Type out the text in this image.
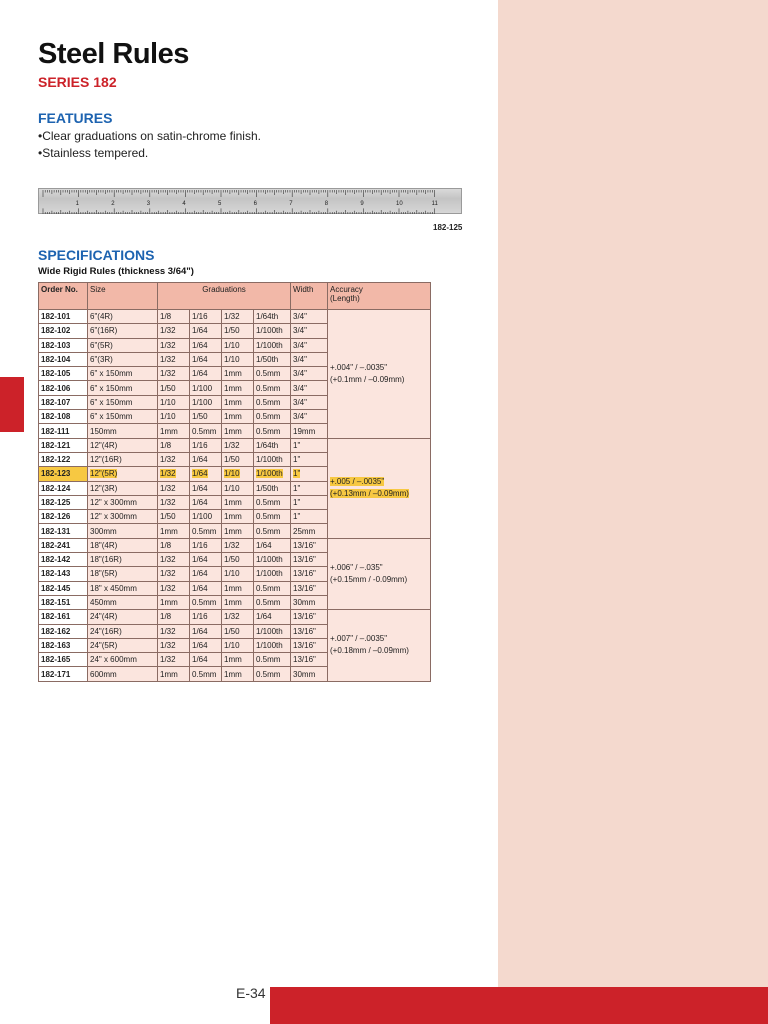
Steel Rules
SERIES 182
FEATURES
• Clear graduations on satin-chrome finish.
• Stainless tempered.
1	2	3	4	5	6	7	8	9	10	11
182-125
SPECIFICATIONS
Wide Rigid Rules (thickness 3/64")
Order No.	Size	Graduations				Width	Accuracy
(Length)
182-101	6"(4R)	1/8	1/16	1/32	1/64th	3/4"	+.004" / –.0035"
(+0.1mm / –0.09mm)
182-102	6"(16R)	1/32	1/64	1/50	1/100th	3/4"	
182-103	6"(5R)	1/32	1/64	1/10	1/100th	3/4"	
182-104	6"(3R)	1/32	1/64	1/10	1/50th	3/4"	
182-105	6" x 150mm	1/32	1/64	1mm	0.5mm	3/4"	
182-106	6" x 150mm	1/50	1/100	1mm	0.5mm	3/4"	
182-107	6" x 150mm	1/10	1/100	1mm	0.5mm	3/4"	
182-108	6" x 150mm	1/10	1/50	1mm	0.5mm	3/4"	
182-111	150mm	1mm	0.5mm	1mm	0.5mm	19mm	
182-121	12"(4R)	1/8	1/16	1/32	1/64th	1"	+.005 / –.0035"
(+0.13mm / –0.09mm)
182-122	12"(16R)	1/32	1/64	1/50	1/100th	1"	
182-123	12"(5R)	1/32	1/64	1/10	1/100th	1"	
182-124	12"(3R)	1/32	1/64	1/10	1/50th	1"	
182-125	12" x 300mm	1/32	1/64	1mm	0.5mm	1"	
182-126	12" x 300mm	1/50	1/100	1mm	0.5mm	1"	
182-131	300mm	1mm	0.5mm	1mm	0.5mm	25mm	
182-241	18"(4R)	1/8	1/16	1/32	1/64	13/16"	+.006" / –.035"
(+0.15mm / -0.09mm)
182-142	18"(16R)	1/32	1/64	1/50	1/100th	13/16"	
182-143	18"(5R)	1/32	1/64	1/10	1/100th	13/16"	
182-145	18" x 450mm	1/32	1/64	1mm	0.5mm	13/16"	
182-151	450mm	1mm	0.5mm	1mm	0.5mm	30mm	
182-161	24"(4R)	1/8	1/16	1/32	1/64	13/16"	+.007" / –.0035"
(+0.18mm / –0.09mm)
182-162	24"(16R)	1/32	1/64	1/50	1/100th	13/16"	
182-163	24"(5R)	1/32	1/64	1/10	1/100th	13/16"	
182-165	24" x 600mm	1/32	1/64	1mm	0.5mm	13/16"	
182-171	600mm	1mm	0.5mm	1mm	0.5mm	30mm	
E-34
